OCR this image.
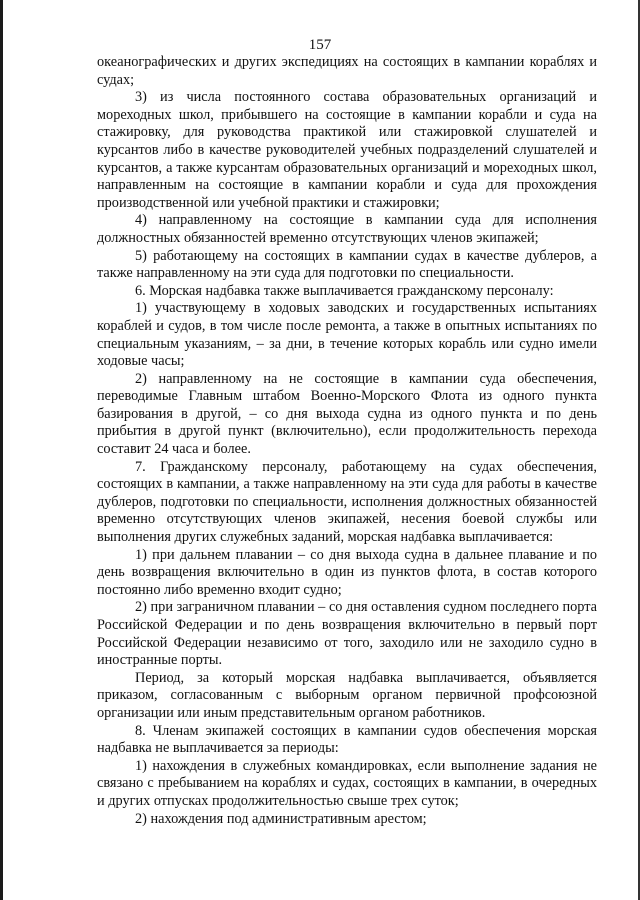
157

океанографических и других экспедициях на состоящих в кампании кораблях и судах;

3) из числа постоянного состава образовательных организаций и мореходных школ, прибывшего на состоящие в кампании корабли и суда на стажировку, для руководства практикой или стажировкой слушателей и курсантов либо в качестве руководителей учебных подразделений слушателей и курсантов, а также курсантам образовательных организаций и мореходных школ, направленным на состоящие в кампании корабли и суда для прохождения производственной или учебной практики и стажировки;

4) направленному на состоящие в кампании суда для исполнения должностных обязанностей временно отсутствующих членов экипажей;

5) работающему на состоящих в кампании судах в качестве дублеров, а также направленному на эти суда для подготовки по специальности.

6. Морская надбавка также выплачивается гражданскому персоналу:

1) участвующему в ходовых заводских и государственных испытаниях кораблей и судов, в том числе после ремонта, а также в опытных испытаниях по специальным указаниям, – за дни, в течение которых корабль или судно имели ходовые часы;

2) направленному на не состоящие в кампании суда обеспечения, переводимые Главным штабом Военно-Морского Флота из одного пункта базирования в другой, – со дня выхода судна из одного пункта и по день прибытия в другой пункт (включительно), если продолжительность перехода составит 24 часа и более.

7. Гражданскому персоналу, работающему на судах обеспечения, состоящих в кампании, а также направленному на эти суда для работы в качестве дублеров, подготовки по специальности, исполнения должностных обязанностей временно отсутствующих членов экипажей, несения боевой службы или выполнения других служебных заданий, морская надбавка выплачивается:

1) при дальнем плавании – со дня выхода судна в дальнее плавание и по день возвращения включительно в один из пунктов флота, в состав которого постоянно либо временно входит судно;

2) при заграничном плавании – со дня оставления судном последнего порта Российской Федерации и по день возвращения включительно в первый порт Российской Федерации независимо от того, заходило или не заходило судно в иностранные порты.

Период, за который морская надбавка выплачивается, объявляется приказом, согласованным с выборным органом первичной профсоюзной организации или иным представительным органом работников.

8. Членам экипажей состоящих в кампании судов обеспечения морская надбавка не выплачивается за периоды:

1) нахождения в служебных командировках, если выполнение задания не связано с пребыванием на кораблях и судах, состоящих в кампании, в очередных и других отпусках продолжительностью свыше трех суток;

2) нахождения под административным арестом;
